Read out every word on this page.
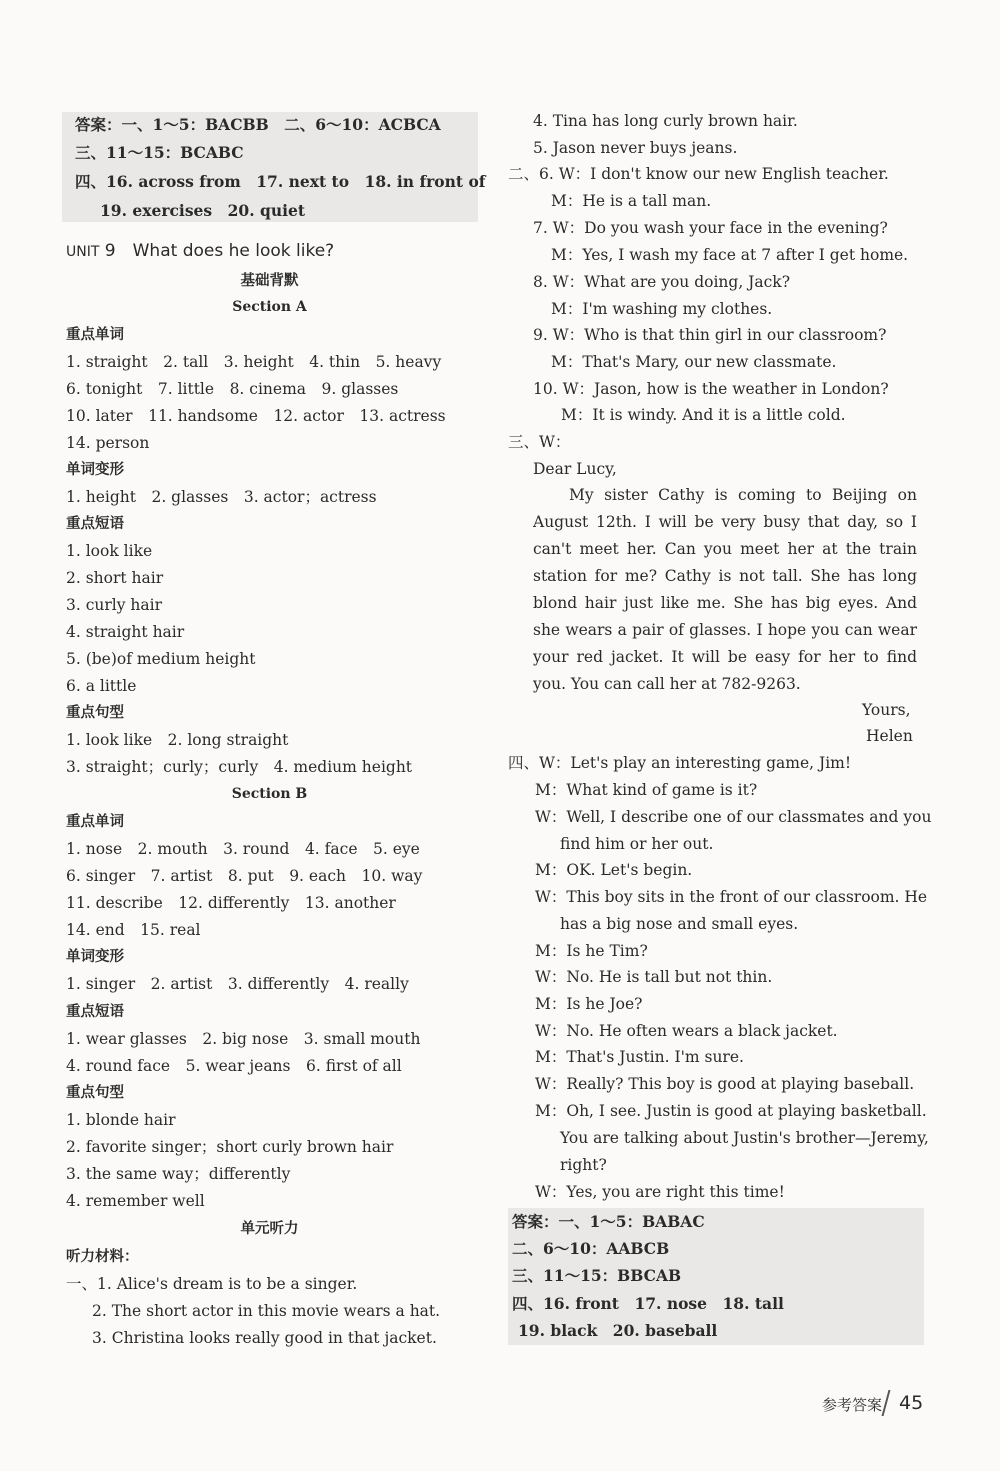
答案：一、1～5：BACBB　二、6～10：ACBCA
三、11～15：BCABC
四、16. across from　17. next to　18. in front of
19. exercises　20. quiet
UNIT 9　What does he look like?
基础背默
Section A
重点单词
1. straight　2. tall　3. height　4. thin　5. heavy
6. tonight　7. little　8. cinema　9. glasses
10. later　11. handsome　12. actor　13. actress
14. person
单词变形
1. height　2. glasses　3. actor；actress
重点短语
1. look like
2. short hair
3. curly hair
4. straight hair
5. (be)of medium height
6. a little
重点句型
1. look like　2. long straight
3. straight；curly；curly　4. medium height
Section B
重点单词
1. nose　2. mouth　3. round　4. face　5. eye
6. singer　7. artist　8. put　9. each　10. way
11. describe　12. differently　13. another
14. end　15. real
单词变形
1. singer　2. artist　3. differently　4. really
重点短语
1. wear glasses　2. big nose　3. small mouth
4. round face　5. wear jeans　6. first of all
重点句型
1. blonde hair
2. favorite singer；short curly brown hair
3. the same way；differently
4. remember well
单元听力
听力材料：
一、1. Alice's dream is to be a singer.
2. The short actor in this movie wears a hat.
3. Christina looks really good in that jacket.
4. Tina has long curly brown hair.
5. Jason never buys jeans.
二、6. W：I don't know our new English teacher.
M：He is a tall man.
7. W：Do you wash your face in the evening?
M：Yes, I wash my face at 7 after I get home.
8. W：What are you doing, Jack?
M：I'm washing my clothes.
9. W：Who is that thin girl in our classroom?
M：That's Mary, our new classmate.
10. W：Jason, how is the weather in London?
M：It is windy. And it is a little cold.
三、W：
Dear Lucy,
My sister Cathy is coming to Beijing on August 12th. I will be very busy that day, so I can't meet her. Can you meet her at the train station for me? Cathy is not tall. She has long blond hair just like me. She has big eyes. And she wears a pair of glasses. I hope you can wear your red jacket. It will be easy for her to find you. You can call her at 782-9263.
Yours,
Helen
四、W：Let's play an interesting game, Jim!
M：What kind of game is it?
W：Well, I describe one of our classmates and you
find him or her out.
M：OK. Let's begin.
W：This boy sits in the front of our classroom. He
has a big nose and small eyes.
M：Is he Tim?
W：No. He is tall but not thin.
M：Is he Joe?
W：No. He often wears a black jacket.
M：That's Justin. I'm sure.
W：Really? This boy is good at playing baseball.
M：Oh, I see. Justin is good at playing basketball.
You are talking about Justin's brother—Jeremy,
right?
W：Yes, you are right this time!
答案：一、1～5：BABAC
二、6～10：AABCB
三、11～15：BBCAB
四、16. front　17. nose　18. tall
19. black　20. baseball
参考答案 45
